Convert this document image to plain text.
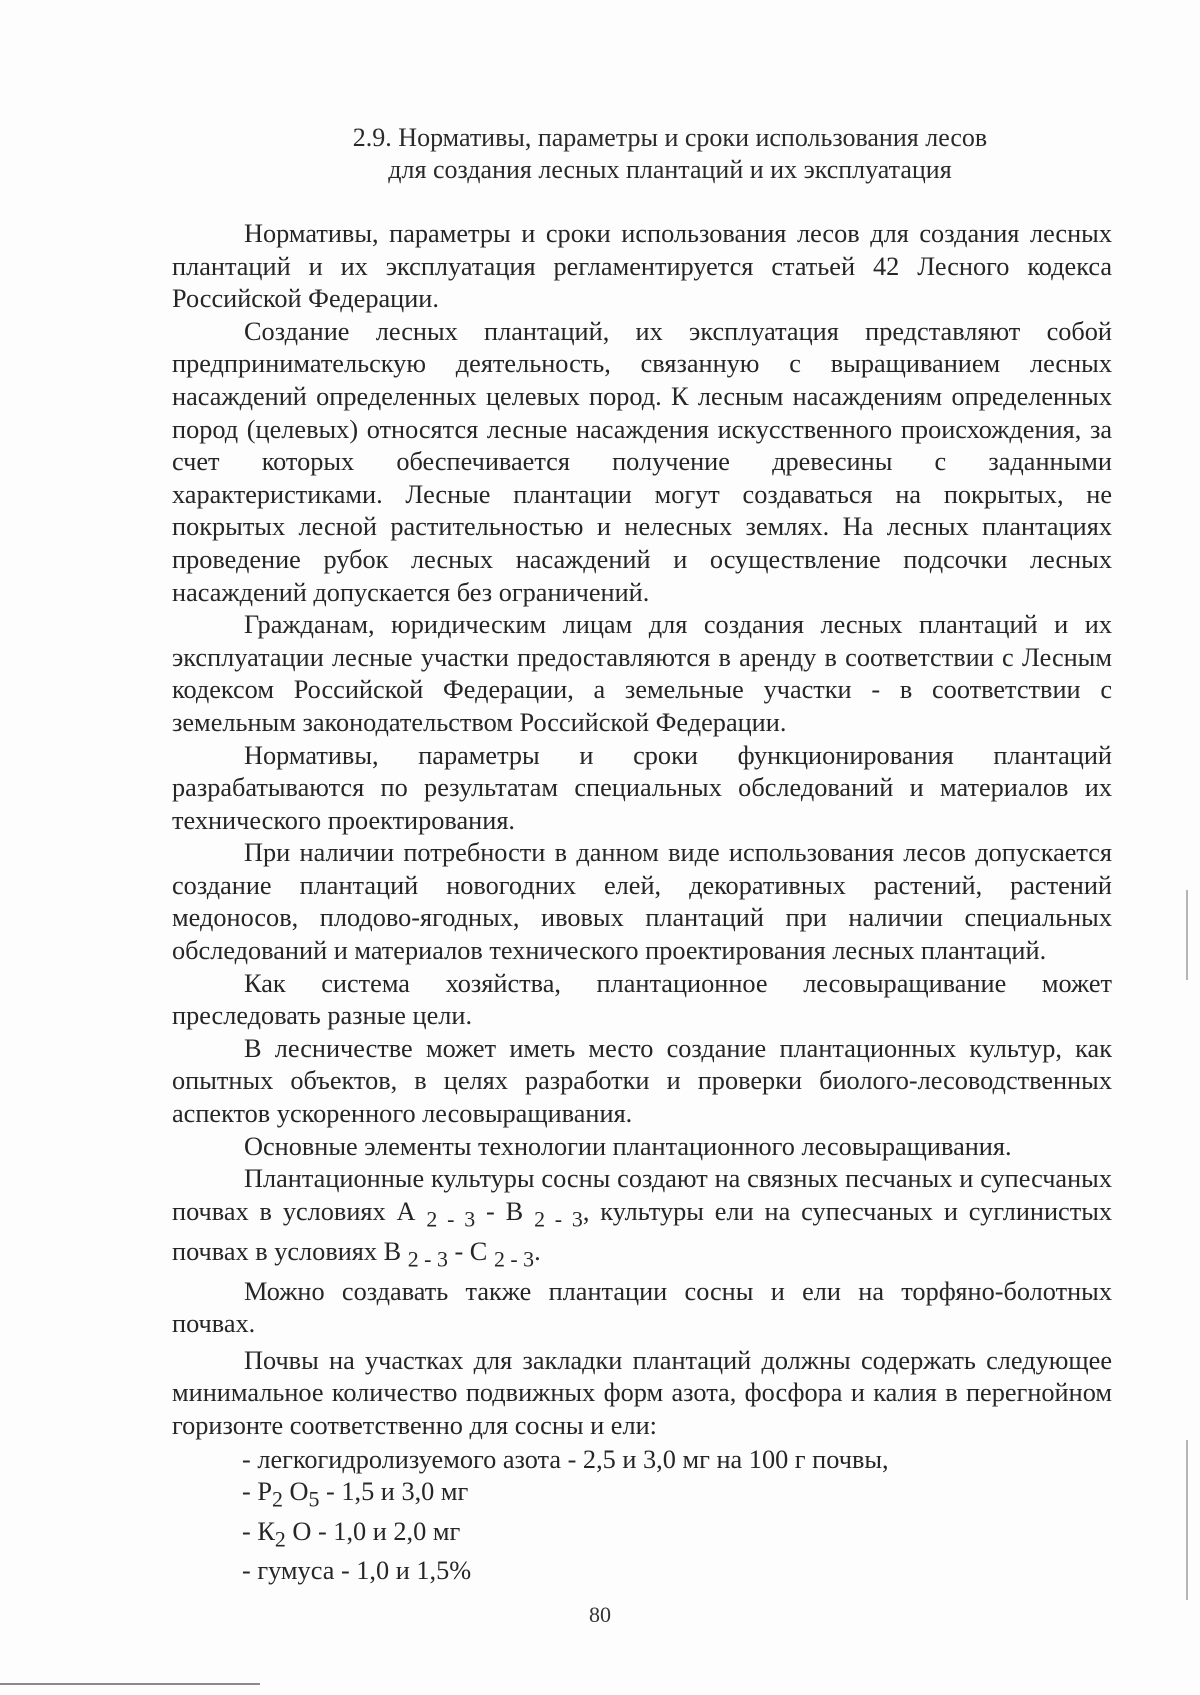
2.9. Нормативы, параметры и сроки использования лесов
для создания лесных плантаций и их эксплуатация

Нормативы, параметры и сроки использования лесов для создания лесных плантаций и их эксплуатация регламентируется статьей 42 Лесного кодекса Российской Федерации.

Создание лесных плантаций, их эксплуатация представляют собой предпринимательскую деятельность, связанную с выращиванием лесных насаждений определенных целевых пород. К лесным насаждениям определенных пород (целевых) относятся лесные насаждения искусственного происхождения, за счет которых обеспечивается получение древесины с заданными характеристиками. Лесные плантации могут создаваться на покрытых, не покрытых лесной растительностью и нелесных землях. На лесных плантациях проведение рубок лесных насаждений и осуществление подсочки лесных насаждений допускается без ограничений.

Гражданам, юридическим лицам для создания лесных плантаций и их эксплуатации лесные участки предоставляются в аренду в соответствии с Лесным кодексом Российской Федерации, а земельные участки - в соответствии с земельным законодательством Российской Федерации.

Нормативы, параметры и сроки функционирования плантаций разрабатываются по результатам специальных обследований и материалов их технического проектирования.

При наличии потребности в данном виде использования лесов допускается создание плантаций новогодних елей, декоративных растений, растений медоносов, плодово-ягодных, ивовых плантаций при наличии специальных обследований и материалов технического проектирования лесных плантаций.

Как система хозяйства, плантационное лесовыращивание может преследовать разные цели.

В лесничестве может иметь место создание плантационных культур, как опытных объектов, в целях разработки и проверки биолого-лесоводственных аспектов ускоренного лесовыращивания.

Основные элементы технологии плантационного лесовыращивания.

Плантационные культуры сосны создают на связных песчаных и супесчаных почвах в условиях А $_{2 - 3}$ - В $_{2 - 3}$, культуры ели на супесчаных и суглинистых почвах в условиях В $_{2 - 3}$ - С $_{2 - 3}$.

Можно создавать также плантации сосны и ели на торфяно-болотных почвах.

Почвы на участках для закладки плантаций должны содержать следующее минимальное количество подвижных форм азота, фосфора и калия в перегнойном горизонте соответственно для сосны и ели:

- легкогидролизуемого азота - 2,5 и 3,0 мг на 100 г почвы,
- $Р_2$ $О_5 - 1,5$ и 3,0 мг
- $К_2$ О - 1,0 и 2,0 мг
- гумуса - 1,0 и 1,5%
80
